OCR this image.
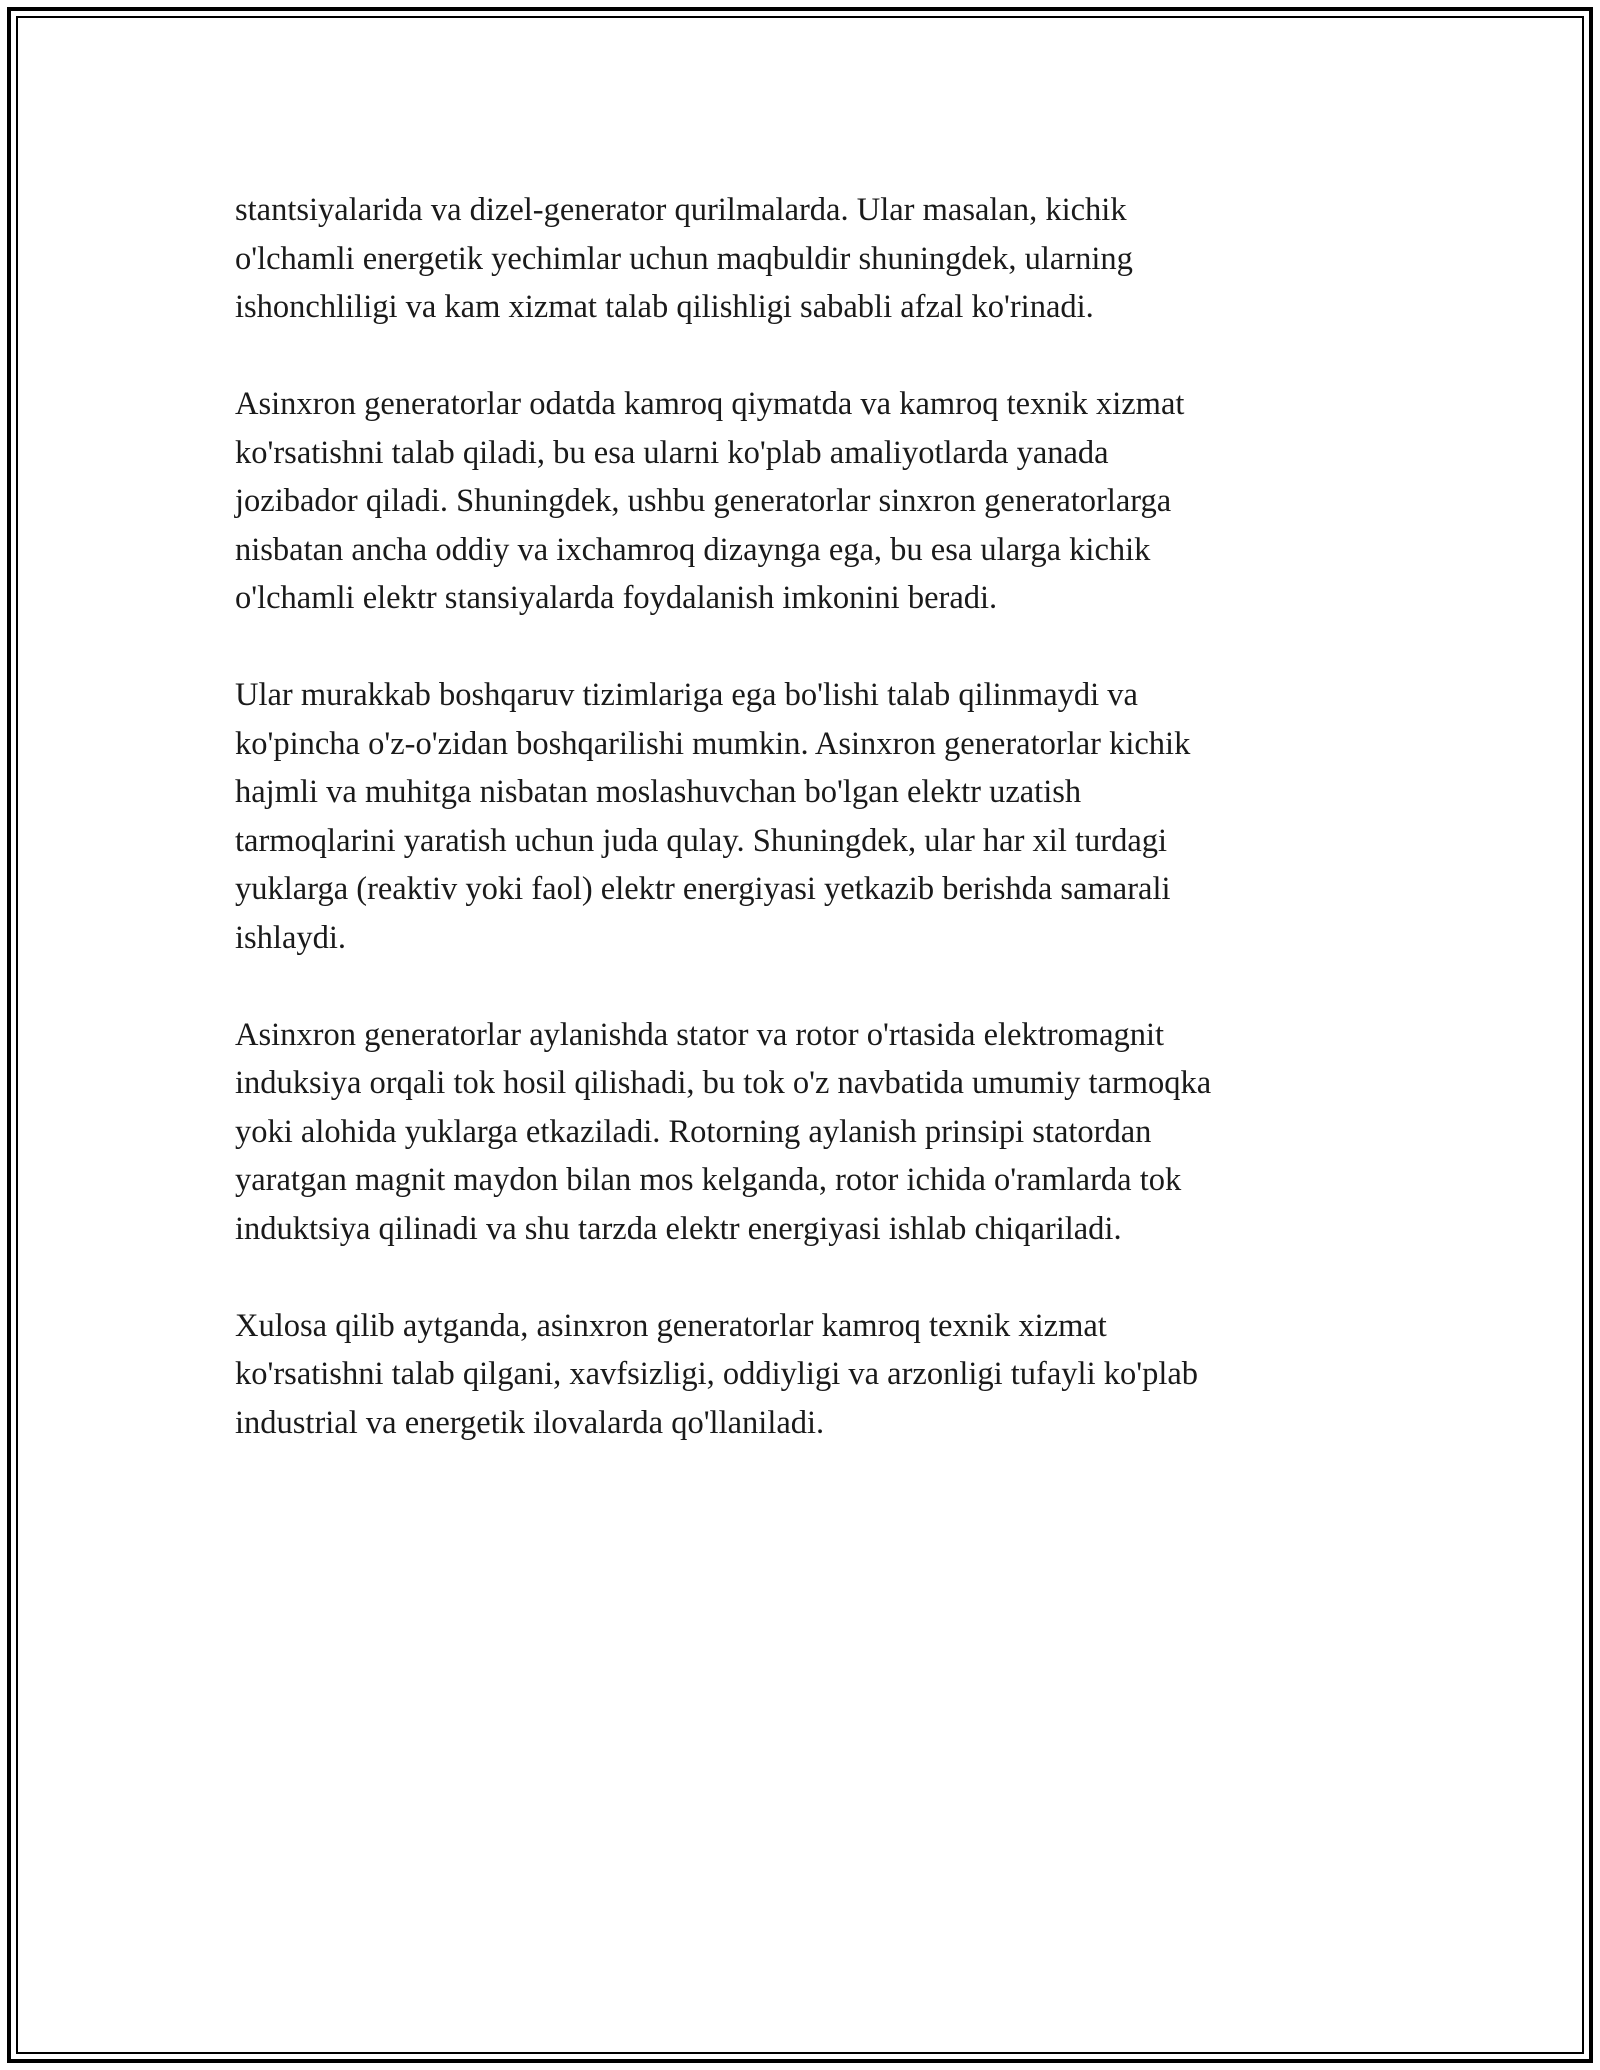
stantsiyalarida va dizel-generator qurilmalarda. Ular masalan, kichik
o'lchamli energetik yechimlar uchun maqbuldir shuningdek, ularning
ishonchliligi va kam xizmat talab qilishligi sababli afzal ko'rinadi.

Asinxron generatorlar odatda kamroq qiymatda va kamroq texnik xizmat
ko'rsatishni talab qiladi, bu esa ularni ko'plab amaliyotlarda yanada
jozibador qiladi. Shuningdek, ushbu generatorlar sinxron generatorlarga
nisbatan ancha oddiy va ixchamroq dizaynga ega, bu esa ularga kichik
o'lchamli elektr stansiyalarda foydalanish imkonini beradi.

Ular murakkab boshqaruv tizimlariga ega bo'lishi talab qilinmaydi va
ko'pincha o'z-o'zidan boshqarilishi mumkin. Asinxron generatorlar kichik
hajmli va muhitga nisbatan moslashuvchan bo'lgan elektr uzatish
tarmoqlarini yaratish uchun juda qulay. Shuningdek, ular har xil turdagi
yuklarga (reaktiv yoki faol) elektr energiyasi yetkazib berishda samarali
ishlaydi.

Asinxron generatorlar aylanishda stator va rotor o'rtasida elektromagnit
induksiya orqali tok hosil qilishadi, bu tok o'z navbatida umumiy tarmoqka
yoki alohida yuklarga etkaziladi. Rotorning aylanish prinsipi statordan
yaratgan magnit maydon bilan mos kelganda, rotor ichida o'ramlarda tok
induktsiya qilinadi va shu tarzda elektr energiyasi ishlab chiqariladi.

Xulosa qilib aytganda, asinxron generatorlar kamroq texnik xizmat
ko'rsatishni talab qilgani, xavfsizligi, oddiyligi va arzonligi tufayli ko'plab
industrial va energetik ilovalarda qo'llaniladi.
